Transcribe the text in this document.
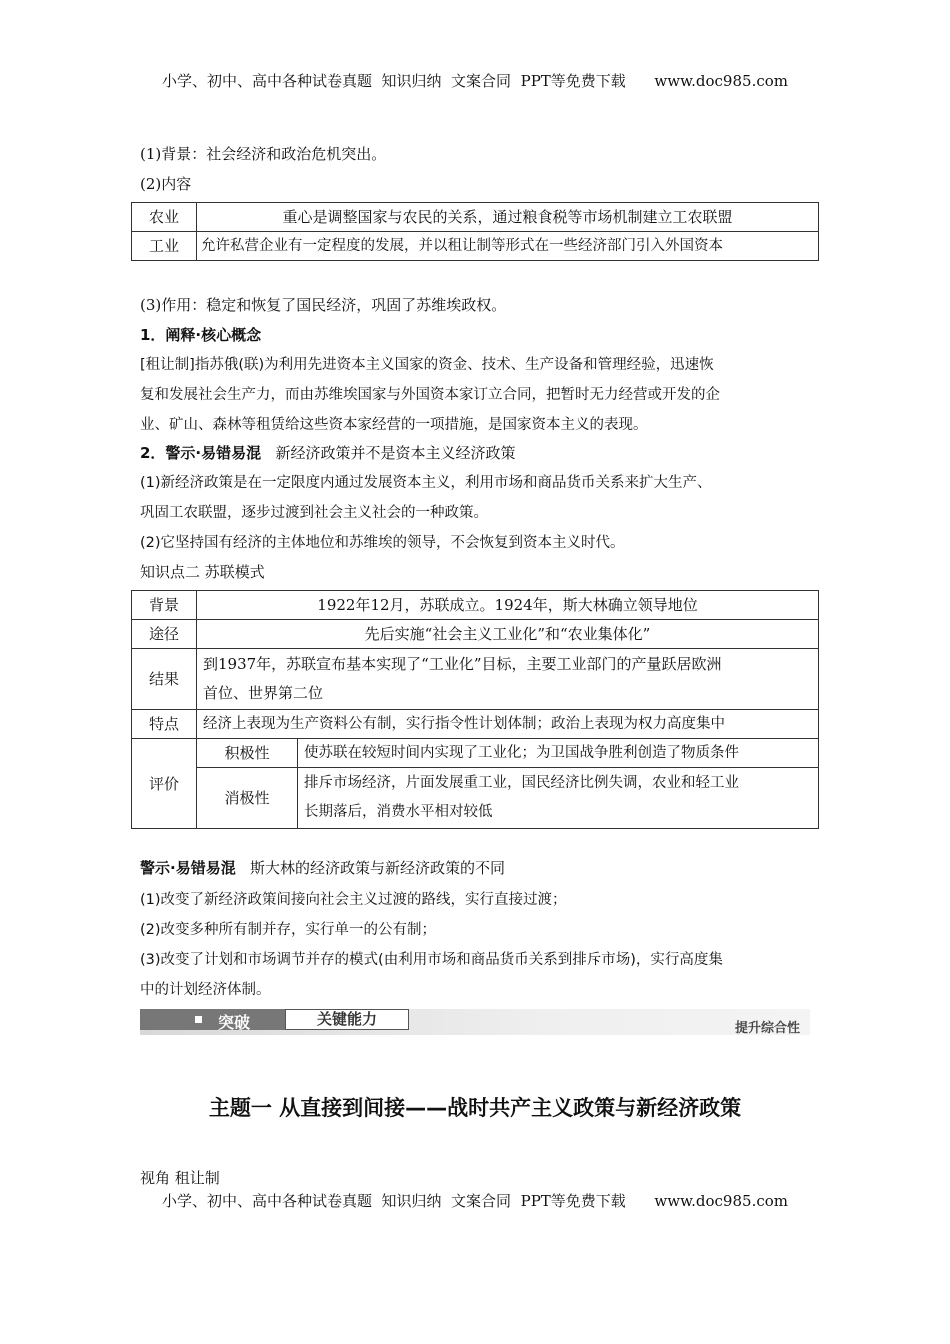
小学、初中、高中各种试卷真题  知识归纳  文案合同  PPT等免费下载      www.doc985.com
(1)背景：社会经济和政治危机突出。
(2)内容
农业	重心是调整国家与农民的关系，通过粮食税等市场机制建立工农联盟
工业	允许私营企业有一定程度的发展，并以租让制等形式在一些经济部门引入外国资本
(3)作用：稳定和恢复了国民经济，巩固了苏维埃政权。
1．阐释·核心概念
[租让制]指苏俄(联)为利用先进资本主义国家的资金、技术、生产设备和管理经验，迅速恢
复和发展社会生产力，而由苏维埃国家与外国资本家订立合同，把暂时无力经营或开发的企
业、矿山、森林等租赁给这些资本家经营的一项措施，是国家资本主义的表现。
2．警示·易错易混 新经济政策并不是资本主义经济政策
(1)新经济政策是在一定限度内通过发展资本主义，利用市场和商品货币关系来扩大生产、
巩固工农联盟，逐步过渡到社会主义社会的一种政策。
(2)它坚持国有经济的主体地位和苏维埃的领导，不会恢复到资本主义时代。
知识点二 苏联模式
背景	1922年12月，苏联成立。1924年，斯大林确立领导地位	
途径	先后实施“社会主义工业化”和“农业集体化”	
结果	到1937年，苏联宣布基本实现了“工业化”目标，主要工业部门的产量跃居欧洲
首位、世界第二位	
特点	经济上表现为生产资料公有制，实行指令性计划体制；政治上表现为权力高度集中	
评价	积极性	使苏联在较短时间内实现了工业化；为卫国战争胜利创造了物质条件
	消极性	排斥市场经济，片面发展重工业，国民经济比例失调，农业和轻工业
长期落后，消费水平相对较低
警示·易错易混 斯大林的经济政策与新经济政策的不同
(1)改变了新经济政策间接向社会主义过渡的路线，实行直接过渡；
(2)改变多种所有制并存，实行单一的公有制；
(3)改变了计划和市场调节并存的模式(由利用市场和商品货币关系到排斥市场)，实行高度集
中的计划经济体制。
突破	关键能力
提升综合性
主题一 从直接到间接——战时共产主义政策与新经济政策
视角 租让制
小学、初中、高中各种试卷真题  知识归纳  文案合同  PPT等免费下载      www.doc985.com
